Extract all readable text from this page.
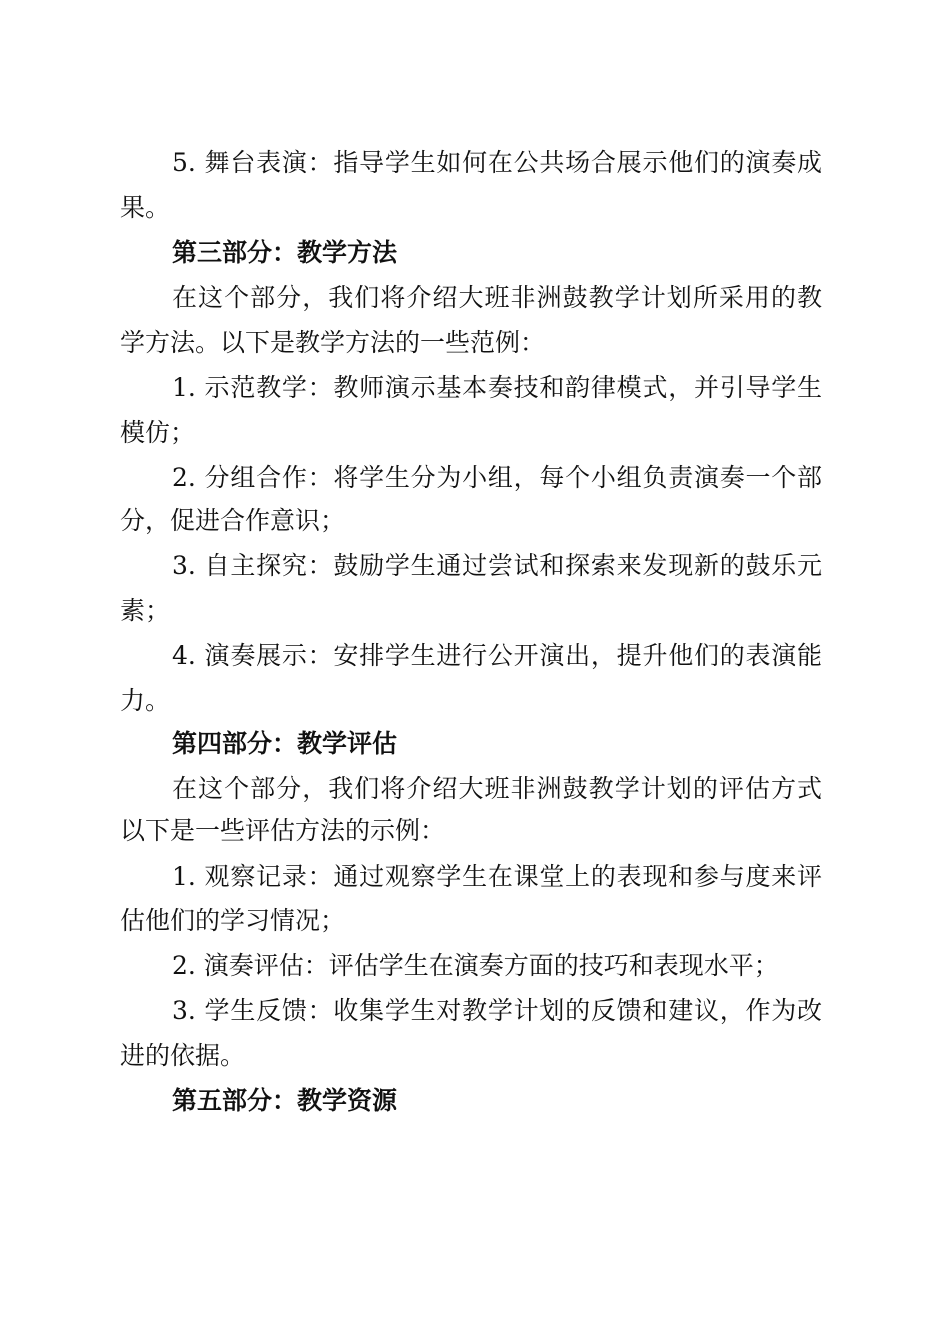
5. 舞台表演：指导学生如何在公共场合展示他们的演奏成
果。
第三部分：教学方法
在这个部分，我们将介绍大班非洲鼓教学计划所采用的教
学方法。以下是教学方法的一些范例：
1. 示范教学：教师演示基本奏技和韵律模式，并引导学生
模仿；
2. 分组合作：将学生分为小组，每个小组负责演奏一个部
分，促进合作意识；
3. 自主探究：鼓励学生通过尝试和探索来发现新的鼓乐元
素；
4. 演奏展示：安排学生进行公开演出，提升他们的表演能
力。
第四部分：教学评估
在这个部分，我们将介绍大班非洲鼓教学计划的评估方式
以下是一些评估方法的示例：
1. 观察记录：通过观察学生在课堂上的表现和参与度来评
估他们的学习情况；
2. 演奏评估：评估学生在演奏方面的技巧和表现水平；
3. 学生反馈：收集学生对教学计划的反馈和建议，作为改
进的依据。
第五部分：教学资源
